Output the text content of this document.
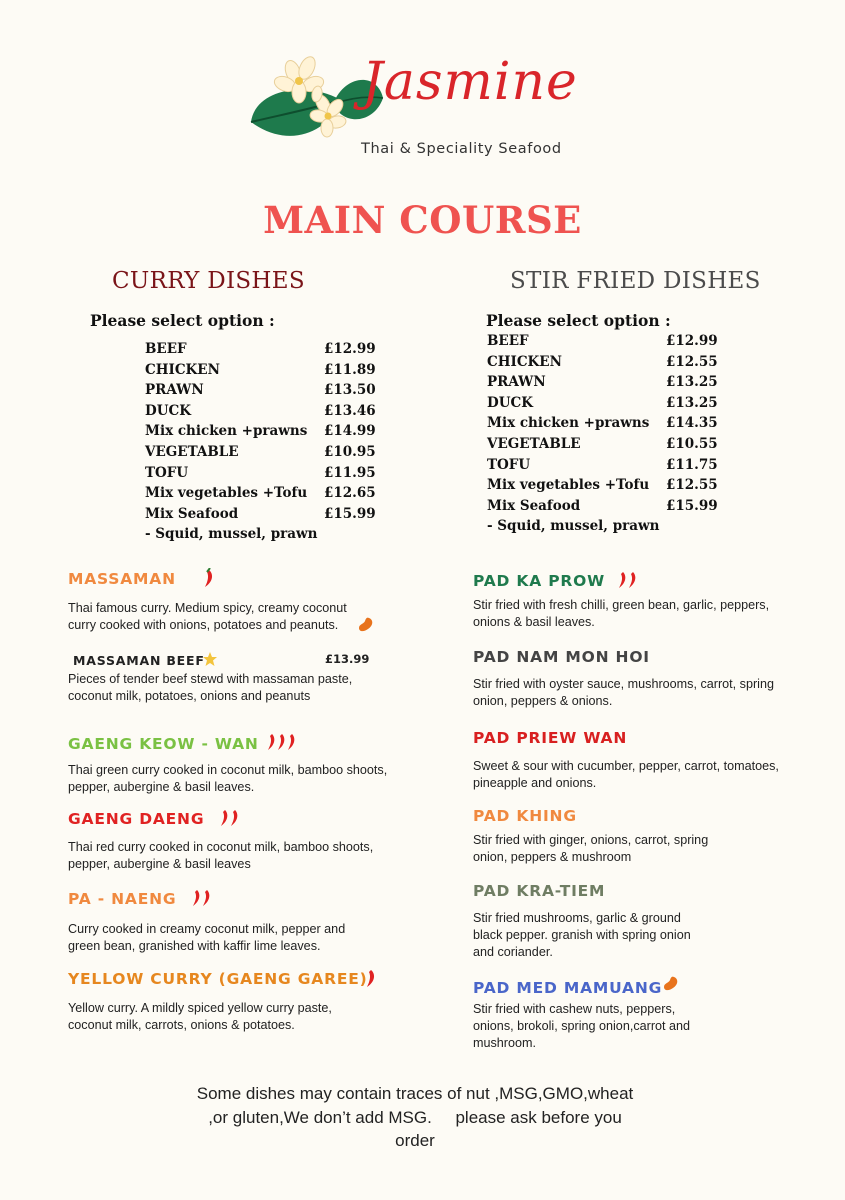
Jasmine
Thai & Speciality Seafood
MAIN COURSE
CURRY DISHES	STIR FRIED DISHES
Please select option :	Please select option :
BEEF	£12.99
CHICKEN	£11.89
PRAWN	£13.50
DUCK	£13.46
Mix chicken +prawns £14.99
VEGETABLE	£10.95
TOFU	£11.95
Mix vegetables +Tofu £12.65
Mix Seafood	£15.99
- Squid, mussel, prawn
BEEF	£12.99
CHICKEN	£12.55
PRAWN	£13.25
DUCK	£13.25
Mix chicken +prawns £14.35
VEGETABLE	£10.55
TOFU	£11.75
Mix vegetables +Tofu £12.55
Mix Seafood	£15.99
- Squid, mussel, prawn
MASSAMAN
Thai famous curry. Medium spicy, creamy coconut
curry cooked with onions, potatoes and peanuts.
MASSAMAN BEEF	£13.99
Pieces of tender beef stewd with massaman paste,
coconut milk, potatoes, onions and peanuts
GAENG KEOW - WAN
Thai green curry cooked in coconut milk, bamboo shoots,
pepper, aubergine & basil leaves.
GAENG DAENG
Thai red curry cooked in coconut milk, bamboo shoots,
pepper, aubergine & basil leaves
PA - NAENG
Curry cooked in creamy coconut milk, pepper and
green bean, granished with kaffir lime leaves.
YELLOW CURRY (GAENG GAREE)
Yellow curry. A mildly spiced yellow curry paste,
coconut milk, carrots, onions & potatoes.
PAD KA PROW
Stir fried with fresh chilli, green bean, garlic, peppers,
onions & basil leaves.
PAD NAM MON HOI
Stir fried with oyster sauce, mushrooms, carrot, spring
onion, peppers & onions.
PAD PRIEW WAN
Sweet & sour with cucumber, pepper, carrot, tomatoes,
pineapple and onions.
PAD KHING
Stir fried with ginger, onions, carrot, spring
onion, peppers & mushroom
PAD KRA-TIEM
Stir fried mushrooms, garlic & ground
black pepper. granish with spring onion
and coriander.
PAD MED MAMUANG
Stir fried with cashew nuts, peppers,
onions, brokoli, spring onion,carrot and
mushroom.
Some dishes may contain traces of nut ,MSG,GMO,wheat
,or gluten,We don’t add MSG.     please ask before you
order
